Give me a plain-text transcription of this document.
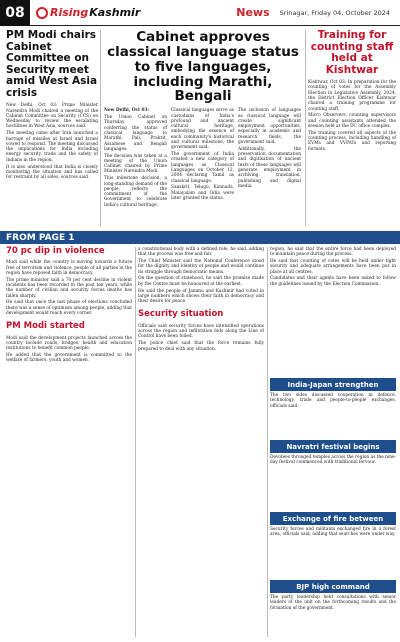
08	Rising Kashmir	News Srinagar, Friday 04, October 2024
PM Modi chairs Cabinet Committee on Security meet amid West Asia crisis

New Delhi, Oct 03: Prime Minister Narendra Modi chaired a meeting of the Cabinet Committee on Security (CCS) on Wednesday to review the escalating hostilities in West Asia, sources said.

The meeting came after Iran launched a barrage of missiles at Israel and Israel vowed to respond. The meeting discussed the implications for India including energy security, trade and the safety of Indians in the region.

It is also understood that India is closely monitoring the situation and has called for restraint by all sides, sources said.

Cabinet approves classical language status to five languages, including Marathi, Bengali

New Delhi, Oct 03:

The Union Cabinet on Thursday approved conferring the status of classical language to Marathi, Pali, Prakrit, Assamese and Bengali languages.

The decision was taken at a meeting of the Union Cabinet chaired by Prime Minister Narendra Modi.

This milestone decision, a long-standing demand of the people, reflects the commitment of the Government to celebrate India's cultural heritage.

Classical languages serve as custodians of India's profound and ancient cultural heritage, embodying the essence of each community's historical and cultural milestone, the government said.

The government of India created a new category of languages as Classical Languages on October 12, 2004 declaring Tamil as classical language.

Sanskrit, Telugu, Kannada, Malayalam and Odia were later granted the status.

The inclusion of languages as classical language will create significant employment opportunities, especially in academic and research fields, the government said.

Additionally, the preservation, documentation and digitisation of ancient texts of these languages will generate employment in archiving, translation, publishing and digital media.

Training for counting staff held at Kishtwar

Kishtwar, Oct 03: In preparation for the counting of votes for the Assembly Election in Legislative Assembly, 2024, the District Election Officer Kishtwar chaired a training programme for counting staff.

Micro Observers, counting supervisors and counting assistants attended the session held at the DC office complex.

The training covered all aspects of the counting process, including handling of EVMs and VVPATs and reporting formats.

FROM PAGE 1
70 pc dip in violence

Modi said while the country is moving towards a future free of terrorism and violence, people of all parties in the region have reposed faith in democracy.

The prime minister said a 70 per cent decline in violent incidents has been recorded in the past ten years, while the number of civilian and security forces deaths has fallen sharply.

He said that once the last phase of elections concluded there was a sense of optimism among people, adding that development would reach every corner.

PM Modi started

Modi said the development projects launched across the country include roads, bridges, health and education institutions to benefit common people.

He added that the government is committed to the welfare of farmers, youth and women.

a constitutional body with a defined role, he said, adding that the process was free and fair.

The Chief Minister said the National Conference stood for the dignity and identity of people and would continue its struggle through democratic means.

On the question of statehood, he said the promise made by the Centre must be honoured at the earliest.

He said the people of Jammu and Kashmir had voted in large numbers which shows their faith in democracy and their desire for peace.

Security situation

Officials said security forces have intensified operations across the region and infiltration bids along the Line of Control have been foiled.

The police chief said that the force remains fully prepared to deal with any situation.

region, he said that the entire force had been deployed to maintain peace during the process.

He said that counting of votes will be held under tight security and adequate arrangements have been put in place at all centres.

Candidates and their agents have been asked to follow the guidelines issued by the Election Commission.

India-Japan strengthen

The two sides discussed cooperation in defence, technology, trade and people-to-people exchanges, officials said.

Navratri festival begins

Devotees thronged temples across the region as the nine-day festival commenced with traditional fervour.

Exchange of fire between

Security forces and militants exchanged fire in a forest area, officials said, adding that searches were under way.

BJP high command

The party leadership held consultations with senior leaders of the unit on the forthcoming results and the formation of the government.
